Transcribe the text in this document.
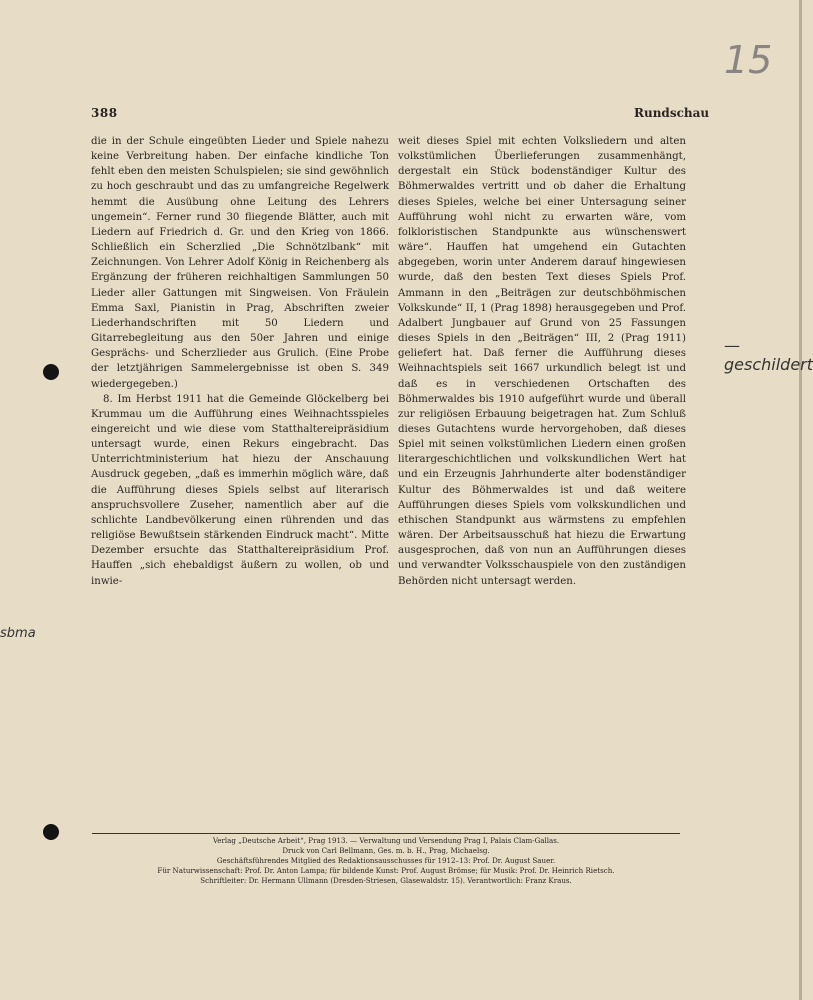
15
— geschildert
sbma
388	Rundschau

die in der Schule eingeübten Lieder und Spiele nahezu keine Verbreitung haben. Der einfache kindliche Ton fehlt eben den meisten Schulspielen; sie sind gewöhnlich zu hoch geschraubt und das zu umfangreiche Regelwerk hemmt die Ausübung ohne Leitung des Lehrers ungemein“. Ferner rund 30 fliegende Blätter, auch mit Liedern auf Friedrich d. Gr. und den Krieg von 1866. Schließlich ein Scherzlied „Die Schnötzlbank“ mit Zeichnungen. Von Lehrer Adolf König in Reichenberg als Ergänzung der früheren reichhaltigen Sammlungen 50 Lieder aller Gattungen mit Singweisen. Von Fräulein Emma Saxl, Pianistin in Prag, Abschriften zweier Liederhandschriften mit 50 Liedern und Gitarrebegleitung aus den 50er Jahren und einige Gesprächs- und Scherzlieder aus Grulich. (Eine Probe der letztjährigen Sammelergebnisse ist oben S. 349 wiedergegeben.)

8. Im Herbst 1911 hat die Gemeinde Glöckelberg bei Krummau um die Aufführung eines Weihnachtsspieles eingereicht und wie diese vom Statthaltereipräsidium untersagt wurde, einen Rekurs eingebracht. Das Unterrichtministerium hat hiezu der Anschauung Ausdruck gegeben, „daß es immerhin möglich wäre, daß die Aufführung dieses Spiels selbst auf literarisch anspruchsvollere Zuseher, namentlich aber auf die schlichte Landbevölkerung einen rührenden und das religiöse Bewußtsein stärkenden Eindruck macht“. Mitte Dezember ersuchte das Statthaltereipräsidium Prof. Hauffen „sich ehebaldigst äußern zu wollen, ob und inwie-

weit dieses Spiel mit echten Volksliedern und alten volkstümlichen Überlieferungen zusammenhängt, dergestalt ein Stück bodenständiger Kultur des Böhmerwaldes vertritt und ob daher die Erhaltung dieses Spieles, welche bei einer Untersagung seiner Aufführung wohl nicht zu erwarten wäre, vom folkloristischen Standpunkte aus wünschenswert wäre“. Hauffen hat umgehend ein Gutachten abgegeben, worin unter Anderem darauf hingewiesen wurde, daß den besten Text dieses Spiels Prof. Ammann in den „Beiträgen zur deutschböhmischen Volkskunde“ II, 1 (Prag 1898) herausgegeben und Prof. Adalbert Jungbauer auf Grund von 25 Fassungen dieses Spiels in den „Beiträgen“ III, 2 (Prag 1911) geliefert hat. Daß ferner die Aufführung dieses Weihnachtspiels seit 1667 urkundlich belegt ist und daß es in verschiedenen Ortschaften des Böhmerwaldes bis 1910 aufgeführt wurde und überall zur religiösen Erbauung beigetragen hat. Zum Schluß dieses Gutachtens wurde hervorgehoben, daß dieses Spiel mit seinen volkstümlichen Liedern einen großen literargeschichtlichen und volkskundlichen Wert hat und ein Erzeugnis Jahrhunderte alter bodenständiger Kultur des Böhmerwaldes ist und daß weitere Aufführungen dieses Spiels vom volkskundlichen und ethischen Standpunkt aus wärmstens zu empfehlen wären. Der Arbeitsausschuß hat hiezu die Erwartung ausgesprochen, daß von nun an Aufführungen dieses und verwandter Volksschauspiele von den zuständigen Behörden nicht untersagt werden.

Verlag „Deutsche Arbeit“, Prag 1913. — Verwaltung und Versendung Prag I, Palais Clam-Gallas.
Druck von Carl Bellmann, Ges. m. b. H., Prag, Michaelsg.
Geschäftsführendes Mitglied des Redaktionsausschusses für 1912–13: Prof. Dr. August Sauer.
Für Naturwissenschaft: Prof. Dr. Anton Lampa; für bildende Kunst: Prof. August Brömse; für Musik: Prof. Dr. Heinrich Rietsch.
Schriftleiter: Dr. Hermann Ullmann (Dresden-Striesen, Glasewaldstr. 15). Verantwortlich: Franz Kraus.
